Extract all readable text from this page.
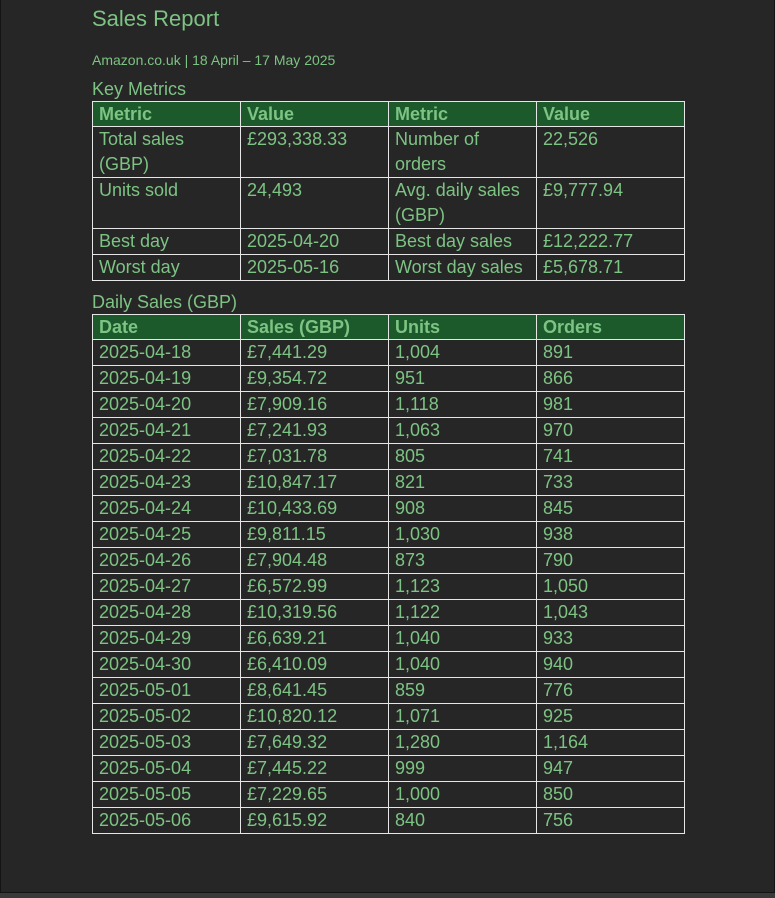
Sales Report
Amazon.co.uk | 18 April – 17 May 2025
Key Metrics
Metric	Value	Metric	Value
Total sales (GBP)	£293,338.33	Number of orders	22,526
Units sold	24,493	Avg. daily sales (GBP)	£9,777.94
Best day	2025-04-20	Best day sales	£12,222.77
Worst day	2025-05-16	Worst day sales	£5,678.71
Daily Sales (GBP)
Date	Sales (GBP)	Units	Orders
2025-04-18	£7,441.29	1,004	891
2025-04-19	£9,354.72	951	866
2025-04-20	£7,909.16	1,118	981
2025-04-21	£7,241.93	1,063	970
2025-04-22	£7,031.78	805	741
2025-04-23	£10,847.17	821	733
2025-04-24	£10,433.69	908	845
2025-04-25	£9,811.15	1,030	938
2025-04-26	£7,904.48	873	790
2025-04-27	£6,572.99	1,123	1,050
2025-04-28	£10,319.56	1,122	1,043
2025-04-29	£6,639.21	1,040	933
2025-04-30	£6,410.09	1,040	940
2025-05-01	£8,641.45	859	776
2025-05-02	£10,820.12	1,071	925
2025-05-03	£7,649.32	1,280	1,164
2025-05-04	£7,445.22	999	947
2025-05-05	£7,229.65	1,000	850
2025-05-06	£9,615.92	840	756
